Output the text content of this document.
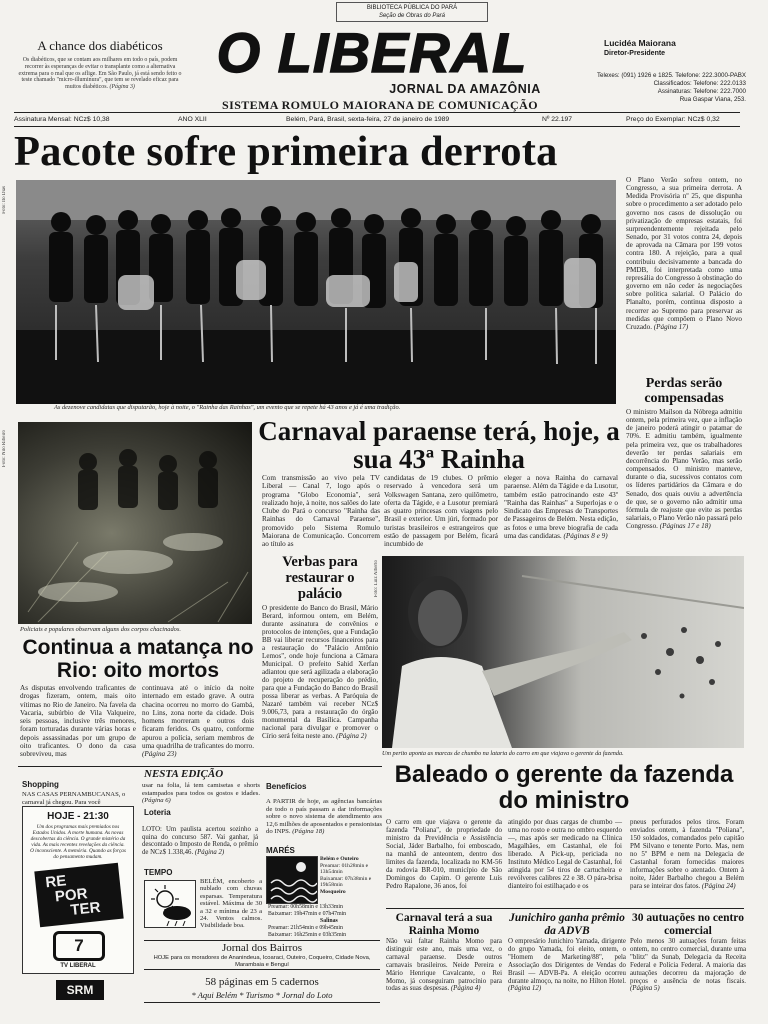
BIBLIOTECA PÚBLICA DO PARÁ
Seção de Obras do Pará
A chance dos diabéticos
Os diabéticos, que se contam aos milhares em todo o país, podem recorrer às esperanças de evitar o transplante como a alternativa extrema para o mal que os aflige. Em São Paulo, já está sendo feito o teste chamado "micro-illuminura", que tem se revelado eficaz para muitos diabéticos. (Página 3)
O LIBERAL
JORNAL DA AMAZÔNIA
SISTEMA ROMULO MAIORANA DE COMUNICAÇÃO
Lucidéa Maiorana
Diretor-Presidente
Telexes: (091) 1926 e 1825. Telefone: 222.3000-PABX
Classificados: Telefone: 222.0133
Assinaturas: Telefone: 222.7000
Rua Gaspar Viana, 253.
Assinatura Mensal: NCz$ 10,38	ANO XLII	Belém, Pará, Brasil, sexta-feira, 27 de janeiro de 1989	Nº 22.197	Preço do Exemplar: NCz$ 0,32
Pacote sofre primeira derrota
Foto: Ito Dias
As dezenove candidatas que disputarão, hoje à noite, o "Rainha das Rainhas", um evento que se repete há 43 anos e já é uma tradição.
O Plano Verão sofreu ontem, no Congresso, a sua primeira derrota. A Medida Provisória nº 25, que dispunha sobre o procedimento a ser adotado pelo governo nos casos de dissolução ou privatização de empresas estatais, foi surpreendentemente rejeitada pelo Senado, por 31 votos contra 24, depois de aprovada na Câmara por 199 votos contra 180. A rejeição, para a qual contribuiu decisivamente a bancada do PMDB, foi interpretada como uma represália do Congresso à obstinação do governo em não ceder às negociações sobre política salarial. O Palácio do Planalto, porém, continua disposto a recorrer ao Supremo para preservar as medidas que compõem o Plano Novo Cruzado. (Página 17)
Perdas serão compensadas
O ministro Maílson da Nóbrega admitiu ontem, pela primeira vez, que a inflação de janeiro poderá atingir o patamar de 70%. E admitiu também, igualmente pela primeira vez, que os trabalhadores deverão ter perdas salariais em decorrência do Plano Verão, mas serão compensados. O ministro manteve, durante o dia, sucessivos contatos com os líderes partidários da Câmara e do Senado, dos quais ouviu a advertência de que, se o governo não admitir uma fórmula de reajuste que evite as perdas salariais, o Plano Verão não passará pelo Congresso. (Páginas 17 e 18)
Foto: Nilo Ribeiro
Policiais e populares observam alguns dos corpos chacinados.
Continua a matança no Rio: oito mortos
As disputas envolvendo traficantes de drogas fizeram, ontem, mais oito vítimas no Rio de Janeiro. Na favela da Vacaria, subúrbio de Vila Valqueire, seis pessoas, inclusive três menores, foram torturadas durante várias horas e depois assassinadas por um grupo de oito traficantes. O dono da casa sobreviveu, mas
continuava até o início da noite internado em estado grave. A outra chacina ocorreu no morro do Gambá, no Lins, zona norte da cidade. Dois homens morreram e outros dois ficaram feridos. Os quatro, conforme apurou a polícia, seriam membros de uma quadrilha de traficantes do morro. (Página 23)
Carnaval paraense terá, hoje, a sua 43ª Rainha
Com transmissão ao vivo pela TV Liberal — Canal 7, logo após o programa "Globo Economia", será realizado hoje, à noite, nos salões do late Clube do Pará o concurso "Rainha das Rainhas do Carnaval Paraense", promovido pelo Sistema Romulo Maiorana de Comunicação. Concorrem ao título as
candidatas de 19 clubes. O prêmio reservado à vencedora será um Volkswagen Santana, zero quilômetro, oferta da Tágide, e a Lusotur premiará as quatro princesas com viagens pelo Brasil e exterior. Um júri, formado por turistas brasileiros e estrangeiros que estão de passagem por Belém, ficará incumbido de
eleger a nova Rainha do carnaval paraense. Além da Tágide e da Lusotur, também estão patrocinando este 43º "Rainha das Rainhas" a Superlojas e o Sindicato das Empresas de Transportes de Passageiros de Belém. Nesta edição, as fotos e uma breve biografia de cada uma das candidatas. (Páginas 8 e 9)
Verbas para restaurar o palácio
O presidente do Banco do Brasil, Mário Berard, informou ontem, em Belém, durante assinatura de convênios e protocolos de intenções, que a Fundação BB vai liberar recursos financeiros para a restauração do "Palácio Antônio Lemos", onde hoje funciona a Câmara Municipal. O prefeito Sahid Xerfan adiantou que será agilizada a elaboração do projeto de recuperação do prédio, para que a Fundação do Banco do Brasil possa liberar as verbas. A Paróquia de Nazaré também vai receber NCz$ 9.006,73, para a restauração do órgão monumental da Basílica. Campanha nacional para divulgar e promover o Círio será feita neste ano. (Página 2)
Foto: Luiz Alberto
Um perito aponta as marcas de chumbo na lataria do carro em que viajava o gerente da fazenda.
Baleado o gerente da fazenda do ministro
O carro em que viajava o gerente da fazenda "Poliana", de propriedade do ministro da Previdência e Assistência Social, Jáder Barbalho, foi emboscado, na manhã de anteontem, dentro dos limites da fazenda, localizada no KM-56 da rodovia BR-010, município de São Domingos do Capim. O gerente Luís Pedro Rapalone, 36 anos, foi
atingido por duas cargas de chumbo — uma no rosto e outra no ombro esquerdo —, mas após ser medicado na Clínica Magalhães, em Castanhal, ele foi liberado. A Pick-up, periciada no Instituto Médico Legal de Castanhal, foi atingida por 54 tiros de cartucheira e revólveres calibres 22 e 38. O pára-brisa dianteiro foi estilhaçado e os
pneus perfurados pelos tiros. Foram enviados ontem, à fazenda "Poliana", 150 soldados, comandados pelo capitão PM Silvano e tenente Porto. Mas, nem no 5º BPM e nem na Delegacia de Castanhal foram fornecidas maiores informações sobre o atentado. Ontem à noite, Jáder Barbalho chegou a Belém para se inteirar dos fatos. (Página 24)
Carnaval terá a sua Rainha Momo
Não vai faltar Rainha Momo para distinguir este ano, mais uma vez, o carnaval paraense. Desde outros carnavais brasileiros. Neide Pereira e Mário Henrique Cavalcante, o Rei Momo, já conseguiram patrocínio para todas as suas despesas. (Página 4)
Junichiro ganha prêmio da ADVB
O empresário Junichiro Yamada, dirigente do grupo Yamada, foi eleito, ontem, o "Homem de Marketing/88", pela Associação dos Dirigentes de Vendas do Brasil — ADVB-Pa. A eleição ocorreu durante almoço, na noite, no Hilton Hotel. (Página 12)
30 autuações no centro comercial
Pelo menos 30 autuações foram feitas ontem, no centro comercial, durante uma "blitz" da Sunab, Delegacia da Receita Federal e Polícia Federal. A maioria das autuações decorreu da majoração de preços e ausência de notas fiscais. (Página 5)
Shopping
NAS CASAS PERNAMBUCANAS, o carnaval já chegou. Para você
HOJE - 21:30
Um dos programas mais premiados nos Estados Unidos. A morte humana. As novas descobertas da ciência. O grande mistério da vida. As mais recentes revelações da ciência. O inconsciente. A memória. Quando as forças do pensamento mudam.
RE
POR
TER
7
TV LIBERAL
SRM
NESTA EDIÇÃO
usar na folia, lá tem camisetas e shorts estampados para todos os gostos e idades. (Página 6)
Loteria
LOTO: Um paulista acertou sozinho a quina do concurso 587. Vai ganhar, já descontado o Imposto de Renda, o prêmio de NCz$ 1.338,46. (Página 2)
TEMPO
BELÉM, encoberto a nublado com chuvas esparsas. Temperatura estável. Máxima de 30 a 32 e mínima de 23 a 24. Ventos calmos. Visibilidade boa.
Benefícios
A PARTIR de hoje, as agências bancárias de todo o país passam a dar informações sobre o novo sistema de atendimento aos 12,6 milhões de aposentados e pensionistas do INPS. (Página 18)
MARÉS
Belém e Outeiro
Preamar: 01h28min e 13h54min
Baixamar: 07h38min e 19h58min
Mosqueiro
Preamar: 00h58min e 13h33min
Baixamar: 19h47min e 07h47min
Salinas
Preamar: 21h54min e 09h45min
Baixamar: 16h25min e 03h35min
Jornal dos Bairros
HOJE para os moradores de Ananindeua, Icoaraci, Outeiro, Coqueiro, Cidade Nova, Marambaia e Benguí
58 páginas em 5 cadernos
* Aqui Belém * Turismo * Jornal do Loto
